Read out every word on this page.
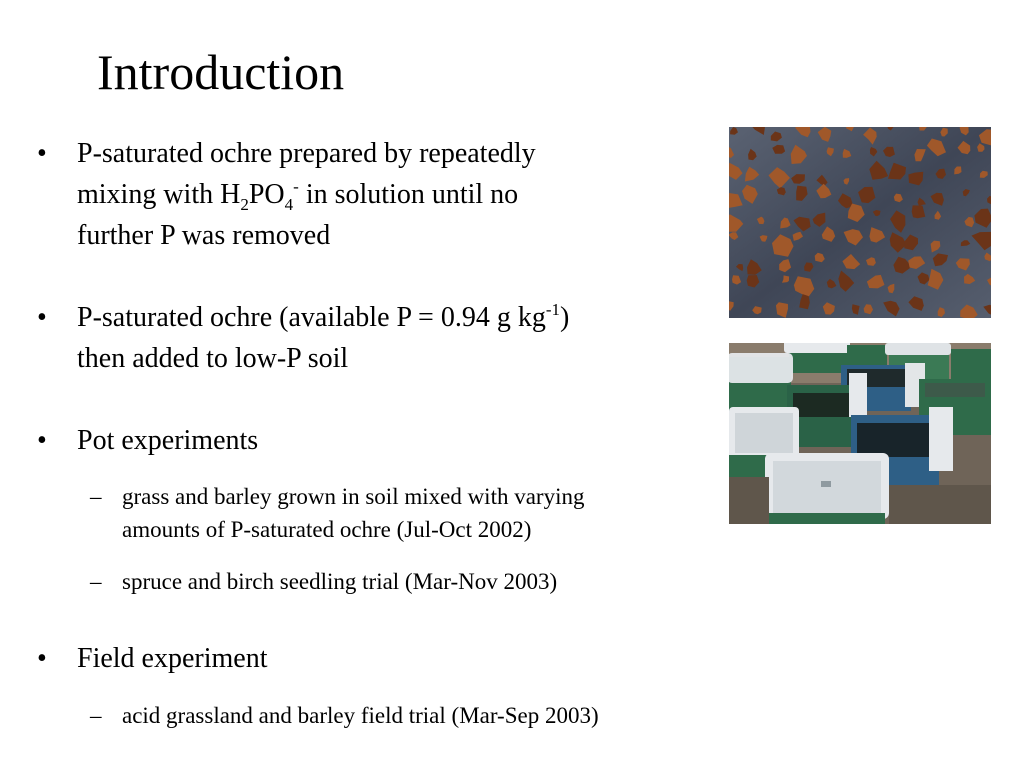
Introduction
• P-saturated ochre prepared by repeatedly
mixing with $H_2PO_4^-$ in solution until no
further P was removed
• P-saturated ochre (available P = 0.94 g $kg^{-1}$)
then added to low-P soil
• Pot experiments
– grass and barley grown in soil mixed with varying
amounts of P-saturated ochre (Jul-Oct 2002)
– spruce and birch seedling trial (Mar-Nov 2003)
• Field experiment
– acid grassland and barley field trial (Mar-Sep 2003)
